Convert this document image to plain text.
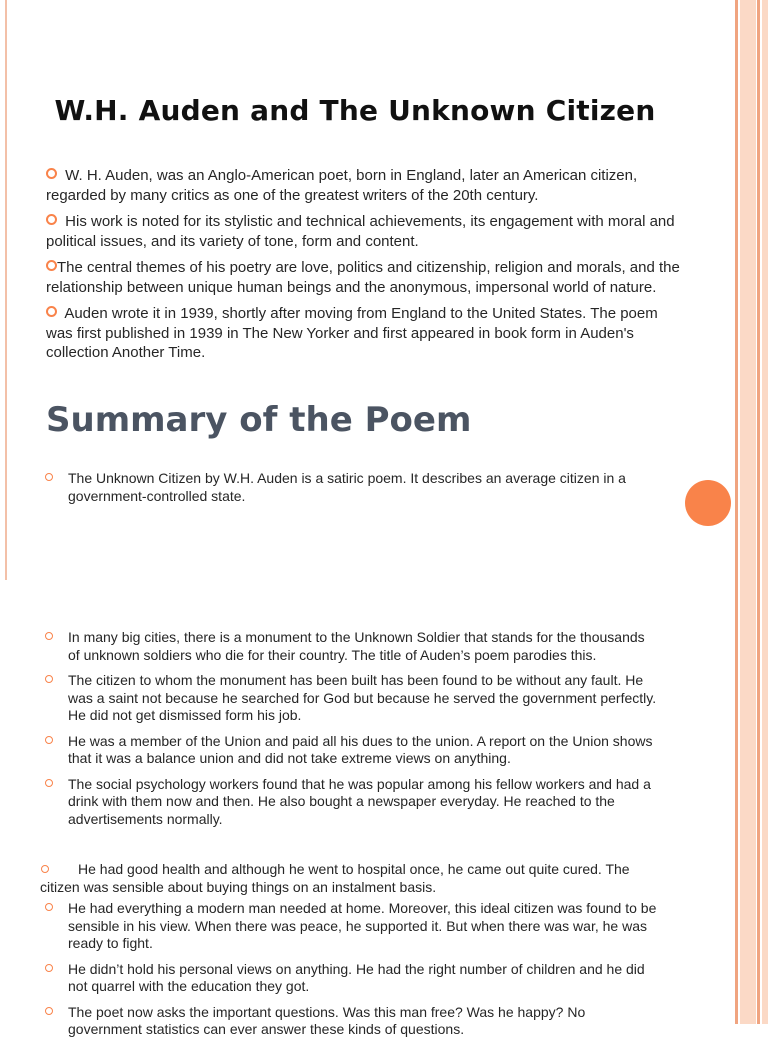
W.H. Auden and The Unknown Citizen

W. H. Auden, was an Anglo-American poet, born in England, later an American citizen, regarded by many critics as one of the greatest writers of the 20th century.

His work is noted for its stylistic and technical achievements, its engagement with moral and political issues, and its variety of tone, form and content.

The central themes of his poetry are love, politics and citizenship, religion and morals, and the relationship between unique human beings and the anonymous, impersonal world of nature.

Auden wrote it in 1939, shortly after moving from England to the United States. The poem was first published in 1939 in The New Yorker and first appeared in book form in Auden's collection Another Time.

Summary of the Poem

The Unknown Citizen by W.H. Auden is a satiric poem. It describes an average citizen in a government-controlled state.

In many big cities, there is a monument to the Unknown Soldier that stands for the thousands of unknown soldiers who die for their country. The title of Auden’s poem parodies this.

The citizen to whom the monument has been built has been found to be without any fault. He was a saint not because he searched for God but because he served the government perfectly. He did not get dismissed form his job.

He was a member of the Union and paid all his dues to the union. A report on the Union shows that it was a balance union and did not take extreme views on anything.

The social psychology workers found that he was popular among his fellow workers and had a drink with them now and then. He also bought a newspaper everyday. He reached to the advertisements normally.

He had good health and although he went to hospital once, he came out quite cured. The citizen was sensible about buying things on an instalment basis.

He had everything a modern man needed at home. Moreover, this ideal citizen was found to be sensible in his view. When there was peace, he supported it. But when there was war, he was ready to fight.

He didn’t hold his personal views on anything. He had the right number of children and he did not quarrel with the education they got.

The poet now asks the important questions. Was this man free? Was he happy? No government statistics can ever answer these kinds of questions.
